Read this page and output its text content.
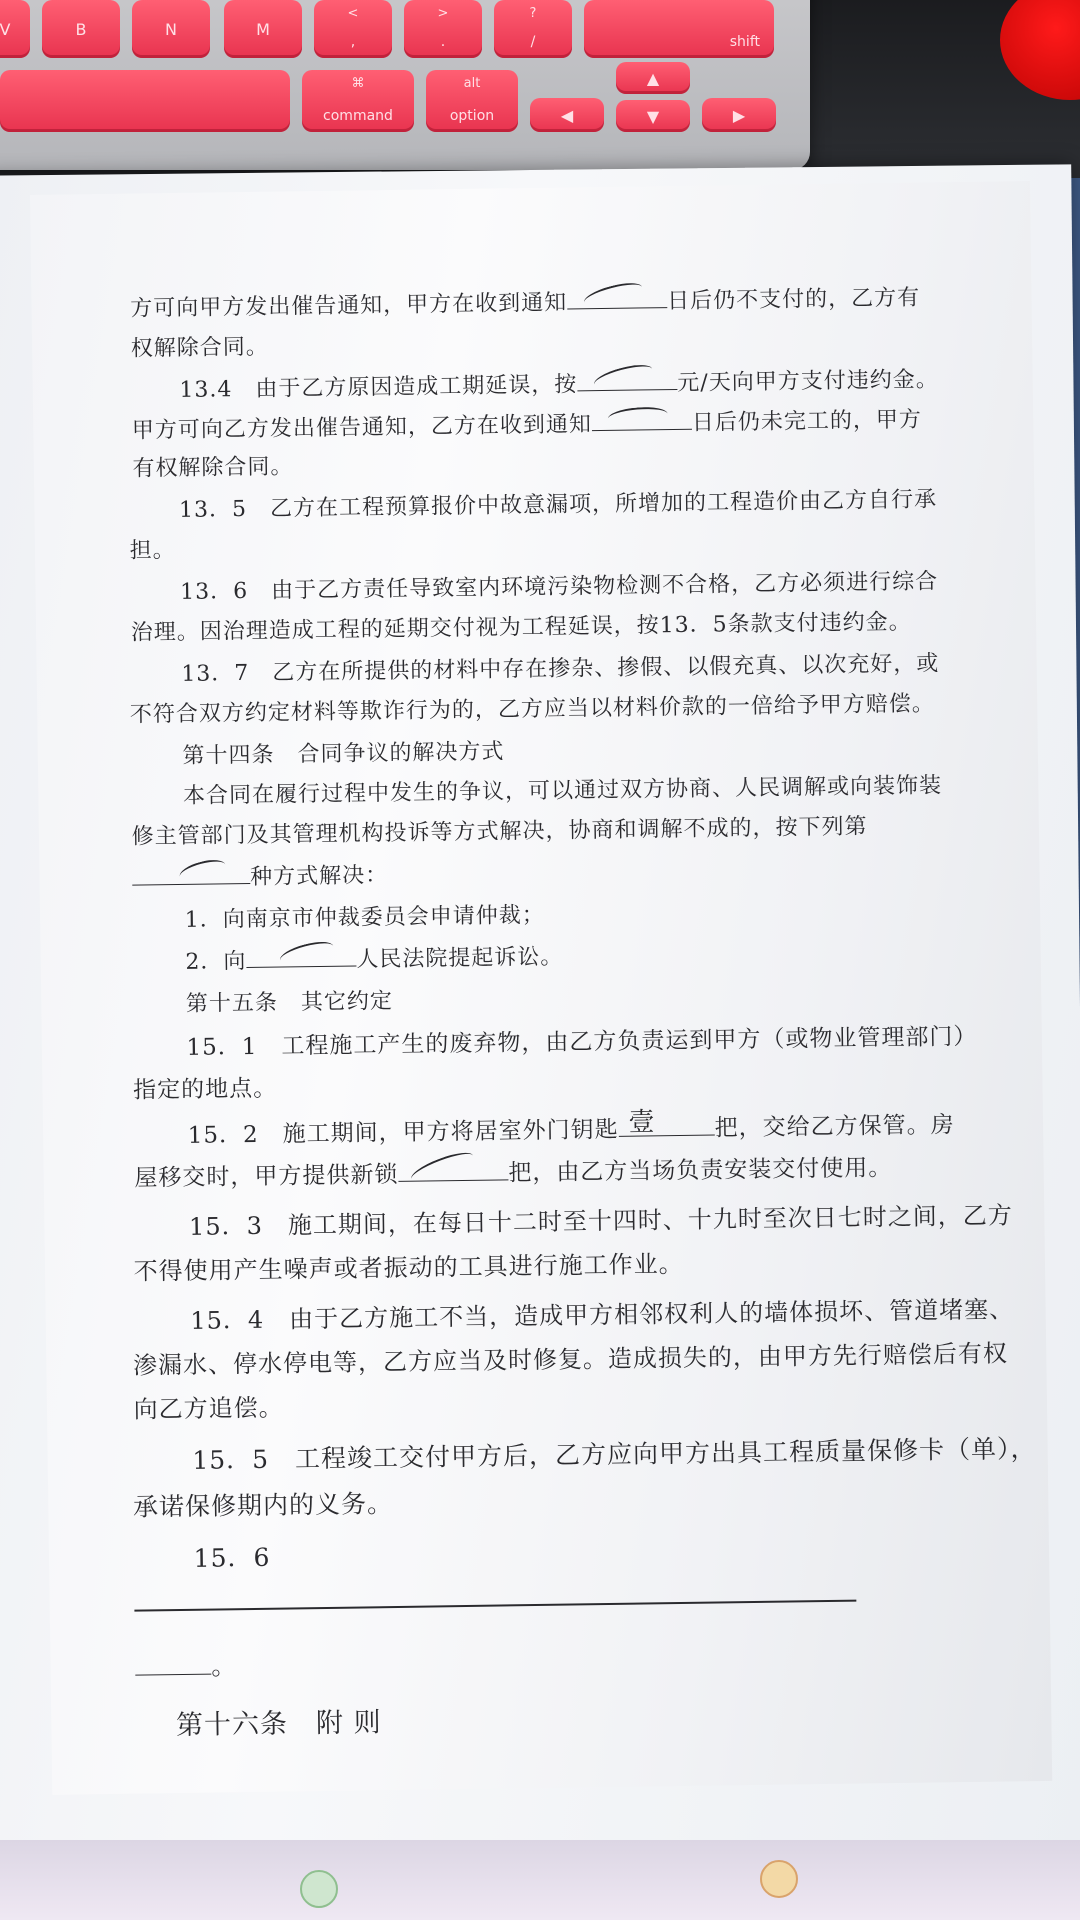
V	B	N	M
<
,
>
.
?
/	shift
⌘
command
alt
option	◀
▲
▼	▶
方可向甲方发出催告通知，甲方在收到通知	日后仍不支付的，乙方有
权解除合同。
13.4　由于乙方原因造成工期延误，按	元/天向甲方支付违约金。
甲方可向乙方发出催告通知，乙方在收到通知	日后仍未完工的，甲方
有权解除合同。
13．5　乙方在工程预算报价中故意漏项，所增加的工程造价由乙方自行承
担。
13．6　由于乙方责任导致室内环境污染物检测不合格，乙方必须进行综合
治理。因治理造成工程的延期交付视为工程延误，按13．5条款支付违约金。
13．7　乙方在所提供的材料中存在掺杂、掺假、以假充真、以次充好，或
不符合双方约定材料等欺诈行为的，乙方应当以材料价款的一倍给予甲方赔偿。
第十四条　合同争议的解决方式
本合同在履行过程中发生的争议，可以通过双方协商、人民调解或向装饰装
修主管部门及其管理机构投诉等方式解决，协商和调解不成的，按下列第
种方式解决：
1．向南京市仲裁委员会申请仲裁；
2．向	人民法院提起诉讼。
第十五条　其它约定
15．1　工程施工产生的废弃物，由乙方负责运到甲方（或物业管理部门）
指定的地点。
15．2　施工期间，甲方将居室外门钥匙 壹	把，交给乙方保管。房
屋移交时，甲方提供新锁	把，由乙方当场负责安装交付使用。
15．3　施工期间，在每日十二时至十四时、十九时至次日七时之间，乙方
不得使用产生噪声或者振动的工具进行施工作业。
15．4　由于乙方施工不当，造成甲方相邻权利人的墙体损坏、管道堵塞、
渗漏水、停水停电等，乙方应当及时修复。造成损失的，由甲方先行赔偿后有权
向乙方追偿。
15．5　工程竣工交付甲方后，乙方应向甲方出具工程质量保修卡（单），
承诺保修期内的义务。
15．6
。
第十六条　附 则
